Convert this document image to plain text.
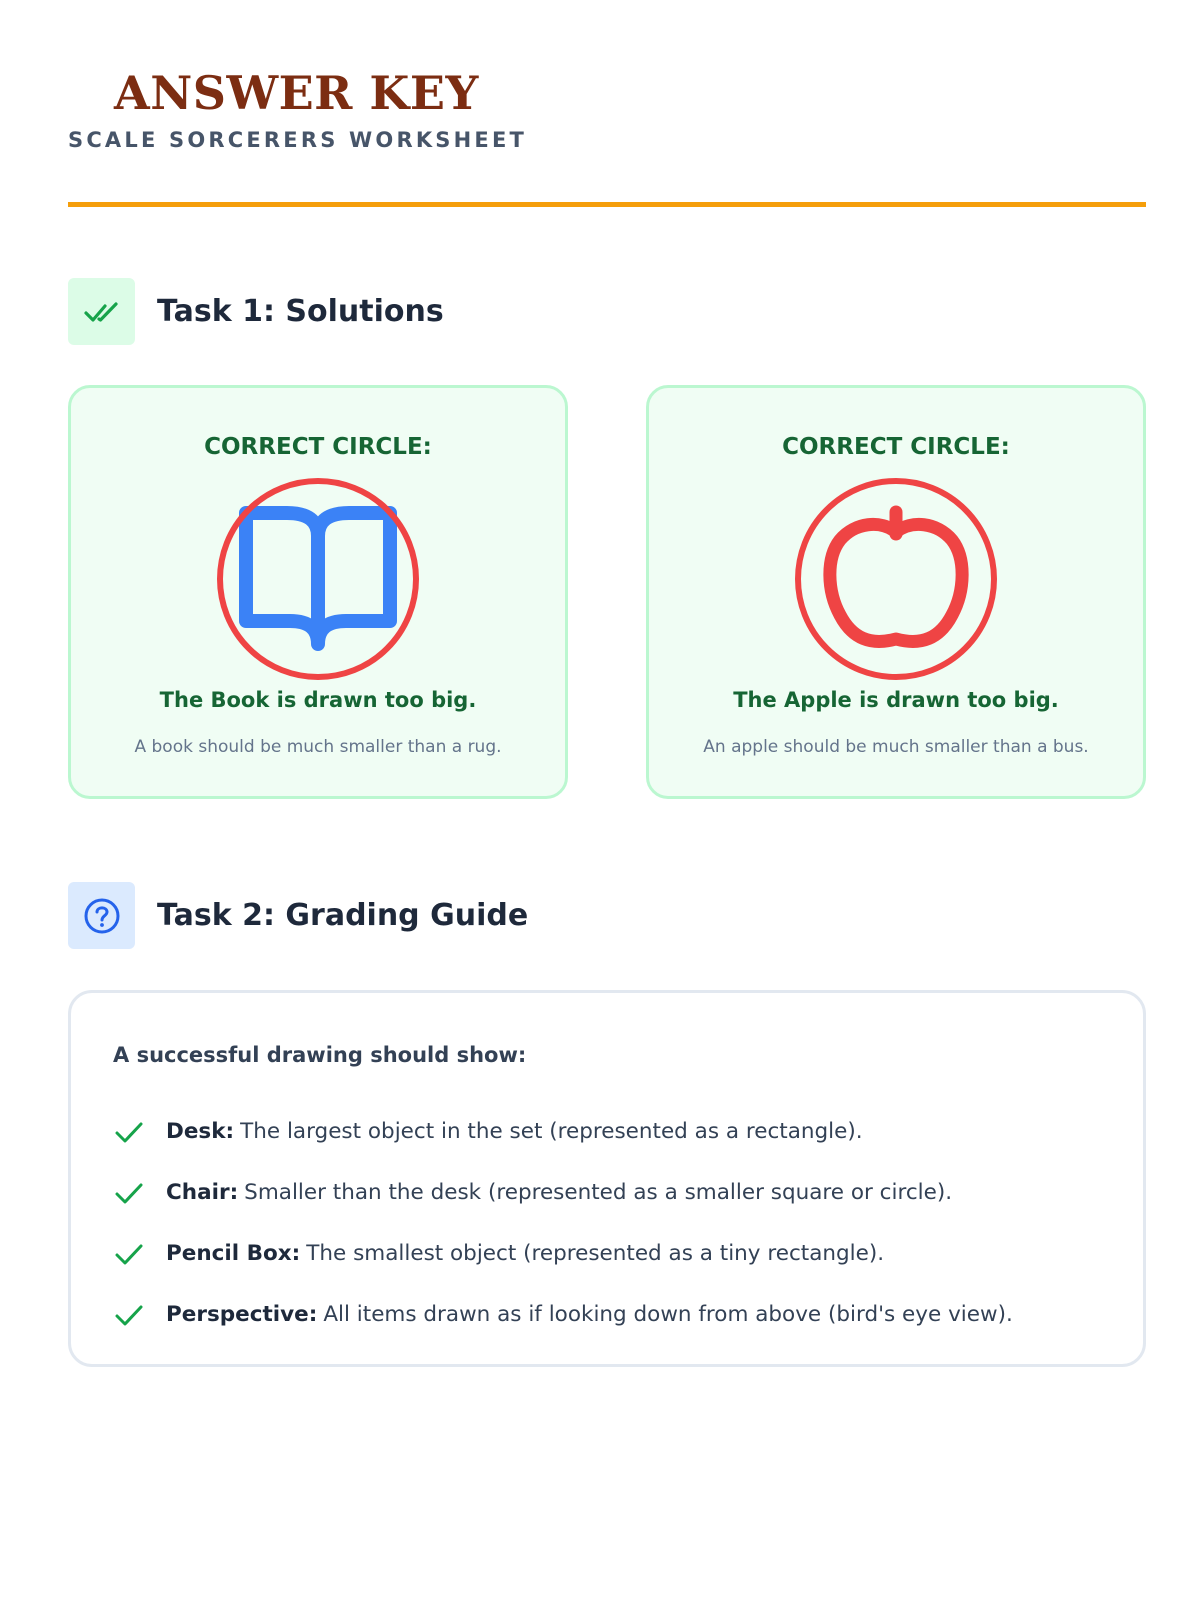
ANSWER KEY
SCALE SORCERERS WORKSHEET
Task 1: Solutions
CORRECT CIRCLE:
The Book is drawn too big.
A book should be much smaller than a rug.
CORRECT CIRCLE:
The Apple is drawn too big.
An apple should be much smaller than a bus.
Task 2: Grading Guide
A successful drawing should show:
Desk: The largest object in the set (represented as a rectangle).
Chair: Smaller than the desk (represented as a smaller square or circle).
Pencil Box: The smallest object (represented as a tiny rectangle).
Perspective: All items drawn as if looking down from above (bird's eye view).
